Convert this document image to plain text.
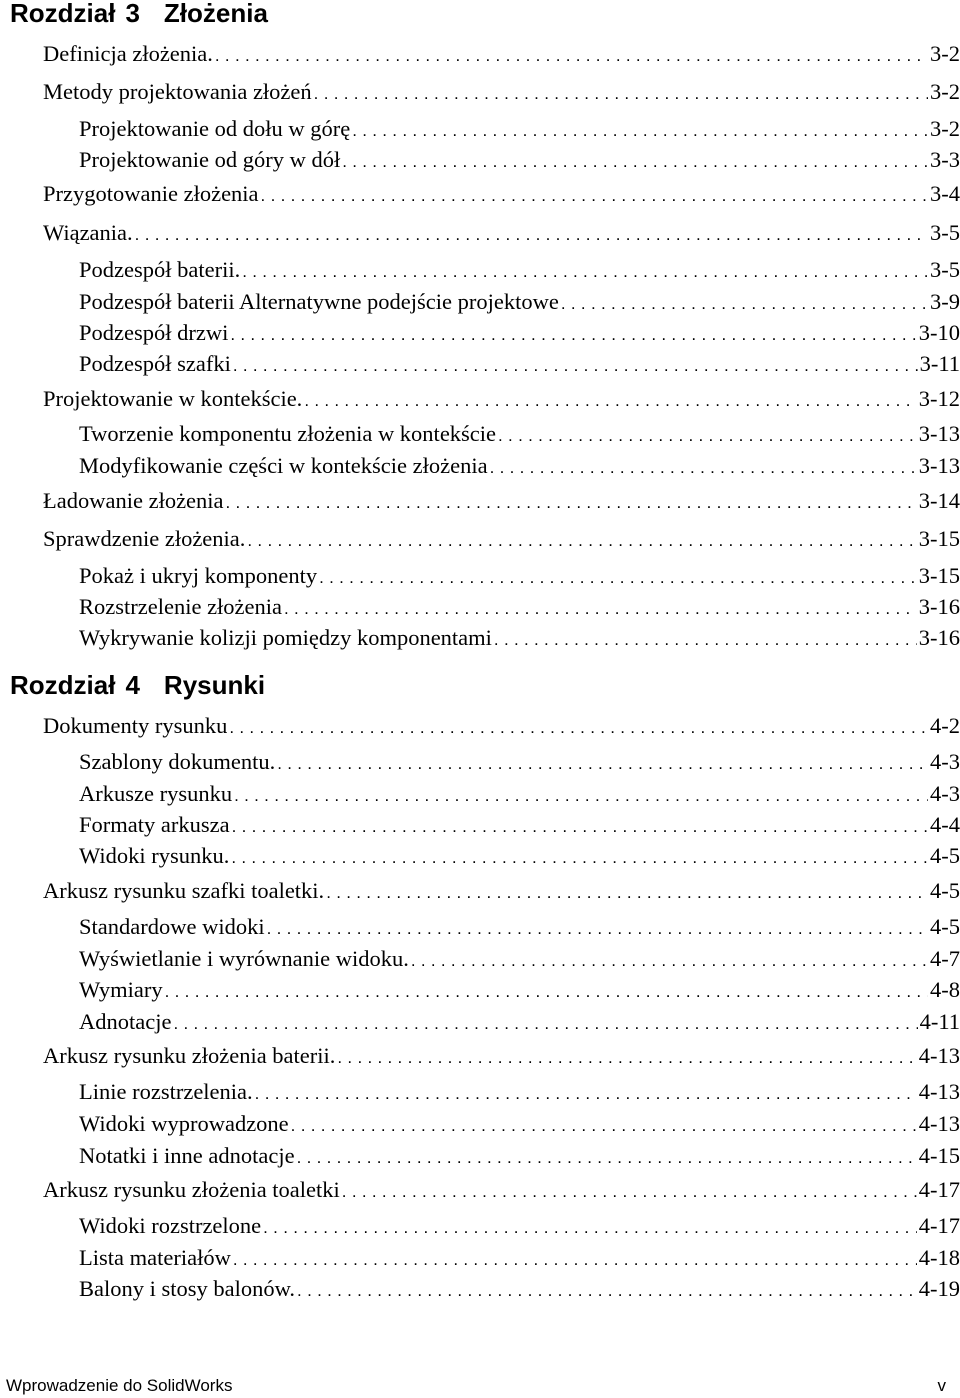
Rozdział 3 Złożenia
Definicja złożenia. .....	3-2
Metody projektowania złożeń .....	3-2
Projektowanie od dołu w górę .....	3-2
Projektowanie od góry w dół .....	3-3
Przygotowanie złożenia .....	3-4
Wiązania. .....	3-5
Podzespół baterii. .....	3-5
Podzespół baterii Alternatywne podejście projektowe .....	3-9
Podzespół drzwi .....	3-10
Podzespół szafki .....	3-11
Projektowanie w kontekście. .....	3-12
Tworzenie komponentu złożenia w kontekście .....	3-13
Modyfikowanie części w kontekście złożenia .....	3-13
Ładowanie złożenia .....	3-14
Sprawdzenie złożenia. .....	3-15
Pokaż i ukryj komponenty .....	3-15
Rozstrzelenie złożenia .....	3-16
Wykrywanie kolizji pomiędzy komponentami .....	3-16
Rozdział 4 Rysunki
Dokumenty rysunku .....	4-2
Szablony dokumentu. .....	4-3
Arkusze rysunku .....	4-3
Formaty arkusza .....	4-4
Widoki rysunku. .....	4-5
Arkusz rysunku szafki toaletki. .....	4-5
Standardowe widoki .....	4-5
Wyświetlanie i wyrównanie widoku. .....	4-7
Wymiary .....	4-8
Adnotacje .....	4-11
Arkusz rysunku złożenia baterii. .....	4-13
Linie rozstrzelenia. .....	4-13
Widoki wyprowadzone .....	4-13
Notatki i inne adnotacje .....	4-15
Arkusz rysunku złożenia toaletki .....	4-17
Widoki rozstrzelone .....	4-17
Lista materiałów .....	4-18
Balony i stosy balonów. .....	4-19
Wprowadzenie do SolidWorks	v
